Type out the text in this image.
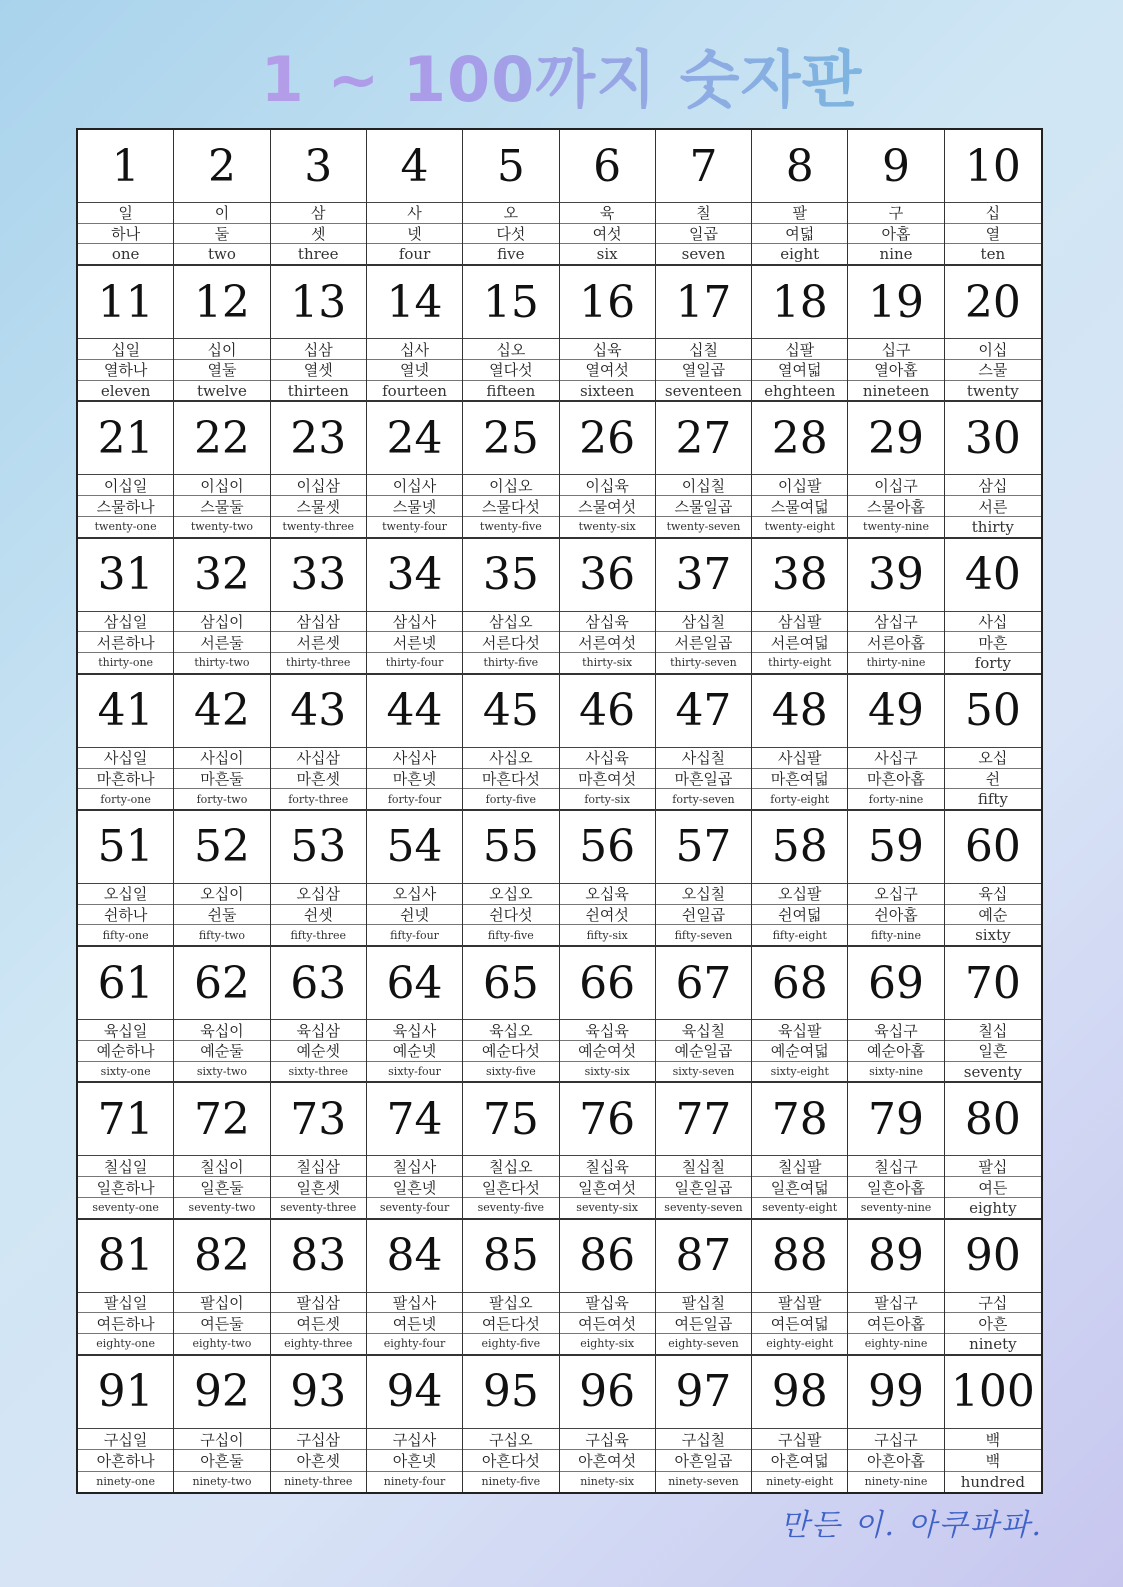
1 ~ 100까지 숫자판
1
일
하나
one
2
이
둘
two
3
삼
셋
three
4
사
넷
four
5
오
다섯
five
6
육
여섯
six
7
칠
일곱
seven
8
팔
여덟
eight
9
구
아홉
nine
10
십
열
ten
11
십일
열하나
eleven
12
십이
열둘
twelve
13
십삼
열셋
thirteen
14
십사
열넷
fourteen
15
십오
열다섯
fifteen
16
십육
열여섯
sixteen
17
십칠
열일곱
seventeen
18
십팔
열여덟
ehghteen
19
십구
열아홉
nineteen
20
이십
스물
twenty
21
이십일
스물하나
twenty-one
22
이십이
스물둘
twenty-two
23
이십삼
스물셋
twenty-three
24
이십사
스물넷
twenty-four
25
이십오
스물다섯
twenty-five
26
이십육
스물여섯
twenty-six
27
이십칠
스물일곱
twenty-seven
28
이십팔
스물여덟
twenty-eight
29
이십구
스물아홉
twenty-nine
30
삼십
서른
thirty
31
삼십일
서른하나
thirty-one
32
삼십이
서른둘
thirty-two
33
삼십삼
서른셋
thirty-three
34
삼십사
서른넷
thirty-four
35
삼십오
서른다섯
thirty-five
36
삼십육
서른여섯
thirty-six
37
삼십칠
서른일곱
thirty-seven
38
삼십팔
서른여덟
thirty-eight
39
삼십구
서른아홉
thirty-nine
40
사십
마흔
forty
41
사십일
마흔하나
forty-one
42
사십이
마흔둘
forty-two
43
사십삼
마흔셋
forty-three
44
사십사
마흔넷
forty-four
45
사십오
마흔다섯
forty-five
46
사십육
마흔여섯
forty-six
47
사십칠
마흔일곱
forty-seven
48
사십팔
마흔여덟
forty-eight
49
사십구
마흔아홉
forty-nine
50
오십
쉰
fifty
51
오십일
쉰하나
fifty-one
52
오십이
쉰둘
fifty-two
53
오십삼
쉰셋
fifty-three
54
오십사
쉰넷
fifty-four
55
오십오
쉰다섯
fifty-five
56
오십육
쉰여섯
fifty-six
57
오십칠
쉰일곱
fifty-seven
58
오십팔
쉰여덟
fifty-eight
59
오십구
쉰아홉
fifty-nine
60
육십
예순
sixty
61
육십일
예순하나
sixty-one
62
육십이
예순둘
sixty-two
63
육십삼
예순셋
sixty-three
64
육십사
예순넷
sixty-four
65
육십오
예순다섯
sixty-five
66
육십육
예순여섯
sixty-six
67
육십칠
예순일곱
sixty-seven
68
육십팔
예순여덟
sixty-eight
69
육십구
예순아홉
sixty-nine
70
칠십
일흔
seventy
71
칠십일
일흔하나
seventy-one
72
칠십이
일흔둘
seventy-two
73
칠십삼
일흔셋
seventy-three
74
칠십사
일흔넷
seventy-four
75
칠십오
일흔다섯
seventy-five
76
칠십육
일흔여섯
seventy-six
77
칠십칠
일흔일곱
seventy-seven
78
칠십팔
일흔여덟
seventy-eight
79
칠십구
일흔아홉
seventy-nine
80
팔십
여든
eighty
81
팔십일
여든하나
eighty-one
82
팔십이
여든둘
eighty-two
83
팔십삼
여든셋
eighty-three
84
팔십사
여든넷
eighty-four
85
팔십오
여든다섯
eighty-five
86
팔십육
여든여섯
eighty-six
87
팔십칠
여든일곱
eighty-seven
88
팔십팔
여든여덟
eighty-eight
89
팔십구
여든아홉
eighty-nine
90
구십
아흔
ninety
91
구십일
아흔하나
ninety-one
92
구십이
아흔둘
ninety-two
93
구십삼
아흔셋
ninety-three
94
구십사
아흔넷
ninety-four
95
구십오
아흔다섯
ninety-five
96
구십육
아흔여섯
ninety-six
97
구십칠
아흔일곱
ninety-seven
98
구십팔
아흔여덟
ninety-eight
99
구십구
아흔아홉
ninety-nine
100
백
백
hundred
만든 이. 아쿠파파.
